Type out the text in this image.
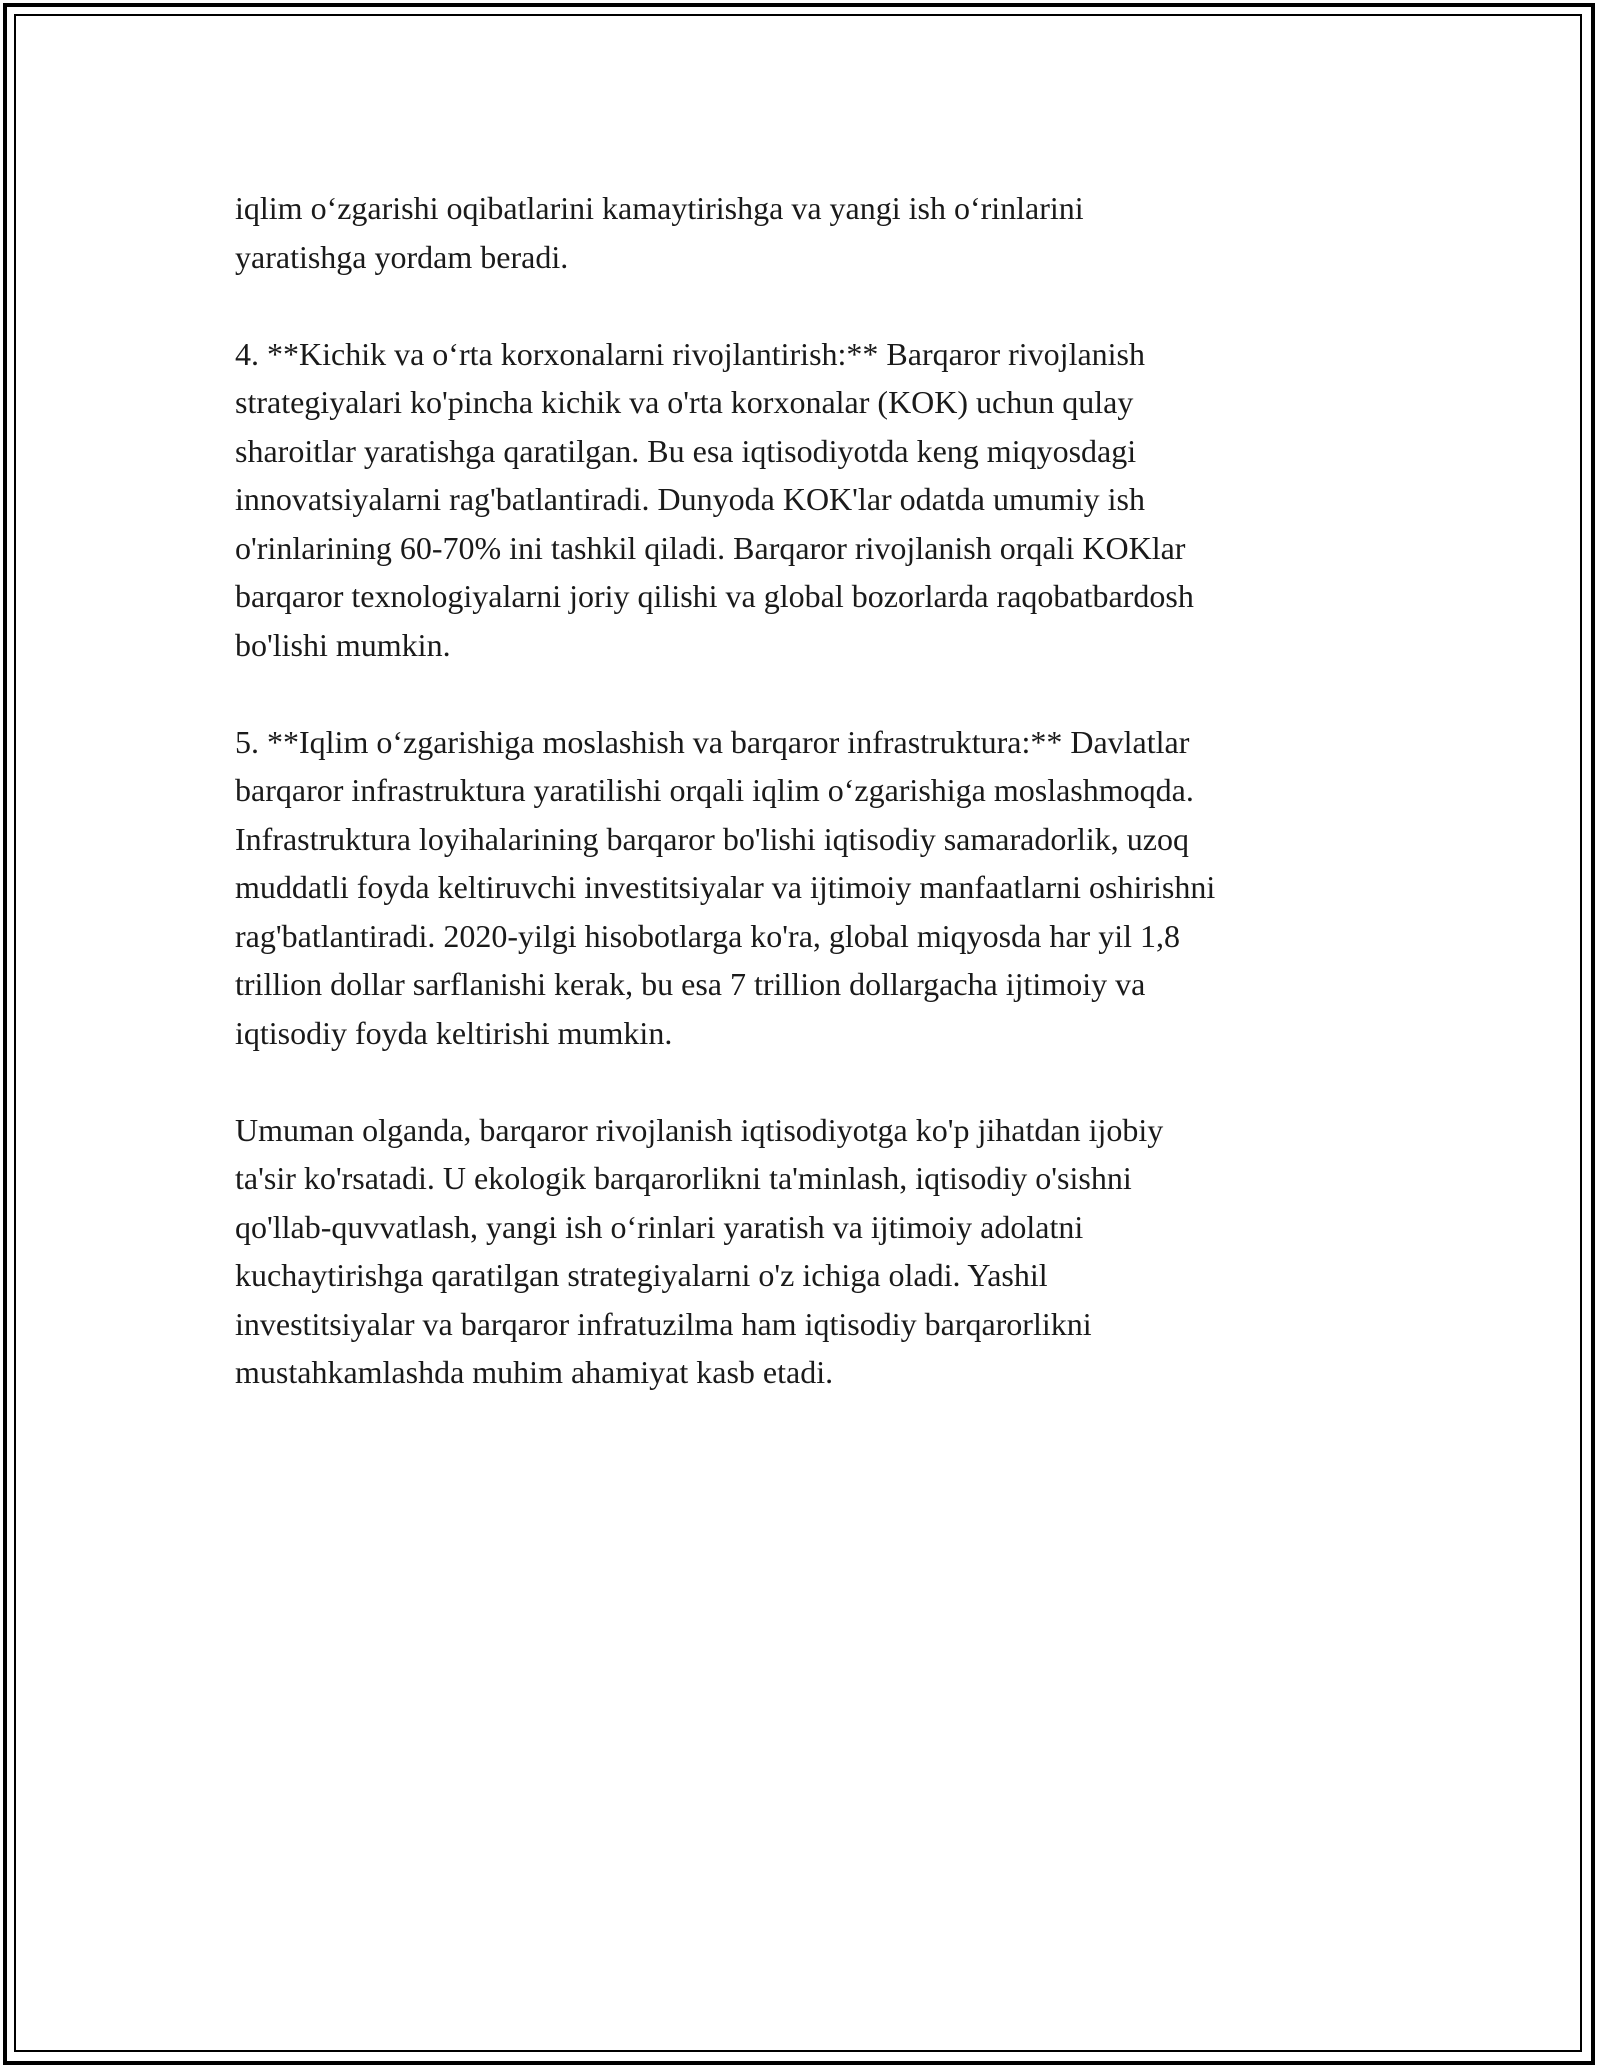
iqlim o‘zgarishi oqibatlarini kamaytirishga va yangi ish o‘rinlarini
yaratishga yordam beradi.
4. **Kichik va o‘rta korxonalarni rivojlantirish:** Barqaror rivojlanish
strategiyalari ko'pincha kichik va o'rta korxonalar (KOK) uchun qulay
sharoitlar yaratishga qaratilgan. Bu esa iqtisodiyotda keng miqyosdagi
innovatsiyalarni rag'batlantiradi. Dunyoda KOK'lar odatda umumiy ish
o'rinlarining 60-70% ini tashkil qiladi. Barqaror rivojlanish orqali KOKlar
barqaror texnologiyalarni joriy qilishi va global bozorlarda raqobatbardosh
bo'lishi mumkin.
5. **Iqlim o‘zgarishiga moslashish va barqaror infrastruktura:** Davlatlar
barqaror infrastruktura yaratilishi orqali iqlim o‘zgarishiga moslashmoqda.
Infrastruktura loyihalarining barqaror bo'lishi iqtisodiy samaradorlik, uzoq
muddatli foyda keltiruvchi investitsiyalar va ijtimoiy manfaatlarni oshirishni
rag'batlantiradi. 2020-yilgi hisobotlarga ko'ra, global miqyosda har yil 1,8
trillion dollar sarflanishi kerak, bu esa 7 trillion dollargacha ijtimoiy va
iqtisodiy foyda keltirishi mumkin.
Umuman olganda, barqaror rivojlanish iqtisodiyotga ko'p jihatdan ijobiy
ta'sir ko'rsatadi. U ekologik barqarorlikni ta'minlash, iqtisodiy o'sishni
qo'llab-quvvatlash, yangi ish o‘rinlari yaratish va ijtimoiy adolatni
kuchaytirishga qaratilgan strategiyalarni o'z ichiga oladi. Yashil
investitsiyalar va barqaror infratuzilma ham iqtisodiy barqarorlikni
mustahkamlashda muhim ahamiyat kasb etadi.
